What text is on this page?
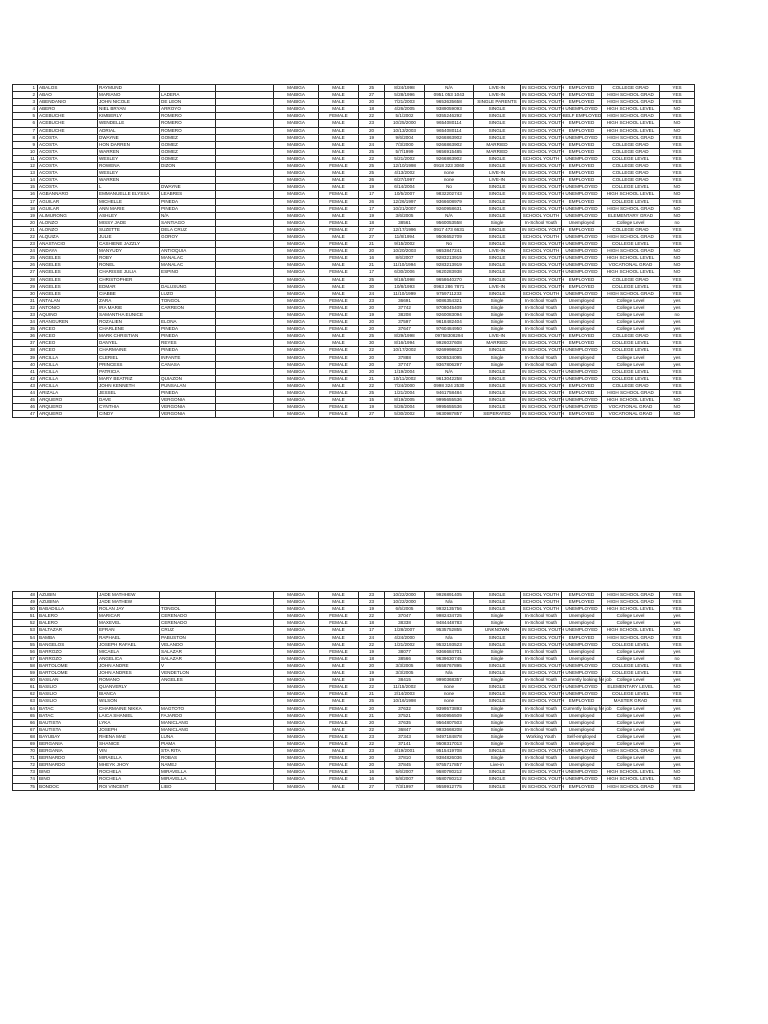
1	ABALOS	RAYMUND			MABIGA	MALE	25	8/24/1998	N/A	LIVE-IN	IN SCHOOL YOUTH	EMPLOYED	COLLEGE GRAD	YES
2	ABAO	MARIANO	LADERA		MABIGA	MALE	27	5/28/1996	0951 053 1043	LIVE-IN	IN SCHOOL YOUTH	EMPLOYED	HIGH SCHOOL GRAD	YES
3	ABENDANIO	JOHN NICOLE	DE LEON		MABIGA	MALE	20	7/21/2003	9653635658	SINGLE PARENTS	IN SCHOOL YOUTH	EMPLOYED	HIGH SCHOOL GRAD	YES
4	ABERO	NIEL BRYAN	ARROYO		MABIGA	MALE	18	4/26/2005	9389059093	SINGLE	IN SCHOOL YOUTH	UNEMPLOYED	HIGH SCHOOL LEVEL	NO
5	ACEBUCHE	KIMBERLY	ROMERO		MABIGA	FEMALE	22	5/1/2002	9355246292	SINGLE	IN SCHOOL YOUTH	SELF EMPLOYED	HIGH SCHOOL GRAD	YES
6	ACEBUCHE	WENDELLE	ROMERO		MABIGA	MALE	23	10/25/2000	9654080114	SINGLE	IN SCHOOL YOUTH	EMPLOYED	HIGH SCHOOL LEVEL	NO
7	ACEBUCHE	ADRIAL	ROMERO		MABIGA	MALE	20	10/13/2003	9654080114	SINGLE	IN SCHOOL YOUTH	EMPLOYED	HIGH SCHOOL LEVEL	NO
8	ACOSTA	DWAYNE	GOMEZ		MABIGA	MALE	19	9/6/2004	9266863902	SINGLE	IN SCHOOL YOUTH	UNEMPLOYED	HIGH SCHOOL GRAD	YES
9	ACOSTA	HON DARREN	GOMEZ		MABIGA	MALE	24	7/3/2000	9266863902	MARRIED	IN SCHOOL YOUTH	EMPLOYED	COLLEGE GRAD	YES
10	ACOSTA	WARREN	GOMEZ		MABIGA	MALE	25	5/7/1999	9656915485	MARRIED	IN SCHOOL YOUTH	EMPLOYED	COLLEGE GRAD	YES
11	ACOSTA	WESLEY	GOMEZ		MABIGA	MALE	22	5/21/2002	9266863902	SINGLE	SCHOOL YOUTH	UNEMPLOYED	COLLEGE LEVEL	YES
12	ACOSTA	ROWENA	DIZON		MABIGA	FEMALE	25	12/10/1998	0918 323 3060	SINGLE	IN SCHOOL YOUTH	EMPLOYED	COLLEGE GRAD	YES
13	ACOSTA	WESLEY			MABIGA	MALE	25	4/13/2002	none	LIVE-IN	IN SCHOOL YOUTH	EMPLOYED	COLLEGE GRAD	YES
14	ACOSTA	WARREN			MABIGA	MALE	26	6/27/1997	none	LIVE-IN	IN SCHOOL YOUTH	EMPLOYED	COLLEGE GRAD	YES
15	ACOSTA	L	DWAYNE		MABIGA	MALE	19	6/14/2004	No	SINGLE	IN SCHOOL YOUTH	UNEMPLOYED	COLLEGE LEVEL	NO
16	AGBANNARO	EMMANUELLE ELYSSA	LEABRES		MABIGA	FEMALE	17	10/5/2007	9832202743	SINGLE	IN SCHOOL YOUTH	UNEMPLOYED	HIGH SCHOOL LEVEL	NO
17	AGUILAR	MICHELLE	PINEDA		MABIGA	FEMALE	26	12/26/1997	9366608979	SINGLE	IN SCHOOL YOUTH	EMPLOYED	COLLEGE LEVEL	YES
18	AGUILAR	ANN MARIE	PINEDA		MABIGA	FEMALE	17	10/21/2007	9260958631	SINGLE	IN SCHOOL YOUTH	UNEMPLOYED	HIGH SCHOOL GRAD	NO
19	ALIMURONG	ASHLEY	N/A		MABIGA	MALE	19	3/6/2005	N/A	SINGLE	SCHOOL YOUTH	UNEMPLOYED	ELEMENTARY GRAD	NO
20	ALONZO	MISSY JADE	SANTIAGO		MABIGA	FEMALE	18	38561	9560053558	Single	In-School Youth	Unemployed	College Level	no
21	ALONZO	SUZETTE	DELA CRUZ		MABIGA	FEMALE	27	12/17/1996	0917 473 6631	SINGLE	IN SCHOOL YOUTH	EMPLOYED	COLLEGE GRAD	YES
22	ALQUIZA	JULIE	GOROY		MABIGA	MALE	27	11/8/1994	9506652709	SINGLE	SCHOOL YOUTH	UNEMPLOYED	HIGH SCHOOL GRAD	YES
23	ANASTACIO	CASHIENE JAZZLY			MABIGA	FEMALE	21	9/15/2002	No	SINGLE	IN SCHOOL YOUTH	UNEMPLOYED	COLLEGE LEVEL	YES
24	ANDAYA	MANYUDY	ANTIOQUIA		MABIGA	FEMALE	20	10/20/2003	9653847241	LIVE-IN	SCHOOL YOUTH	UNEMPLOYED	HIGH SCHOOL GRAD	NO
25	ANGELES	ROBY	MANALAC		MABIGA	FEMALE	16	8/6/2007	9283213919	SINGLE	IN SCHOOL YOUTH	UNEMPLOYED	HIGH SCHOOL LEVEL	NO
26	ANGELES	RONEL	MANALAC		MABIGA	MALE	21	11/10/1994	9283213919	SINGLE	IN SCHOOL YOUTH	UNEMPLOYED	VOCATIONAL GRAD	NO
27	ANGELES	CHARISSE JULIA	ESPINO		MABIGA	FEMALE	17	6/30/2006	9620283938	SINGLE	IN SCHOOL YOUTH	UNEMPLOYED	HIGH SCHOOL LEVEL	NO
28	ANGELES	CHRISTOPHER			MABIGA	MALE	25	9/18/1998	9658640270	SINGLE	IN SCHOOL YOUTH	EMPLOYED	COLLEGE GRAD	YES
29	ANGELES	EDMAR	DALUSUNG		MABIGA	MALE	30	10/8/1993	0963 286 7871	LIVE-IN	IN SCHOOL YOUTH	EMPLOYED	COLLEGE LEVEL	YES
30	ANGELES	CIABBE	LUZO		MABIGA	MALE	24	11/10/1999	9759711233	SINGLE	SCHOOL YOUTH	UNEMPLOYED	HIGH SCHOOL GRAD	YES
31	ANTALAN	ZARA	TONGOL		MABIGA	FEMALE	23	36691	9086354321	Single	In-School Youth	Unemployed	College Level	yes
32	ANTONIO	IRA MARIE	CARREON		MABIGA	FEMALE	20	37742	9708045409	Single	In-School Youth	Unemployed	College Level	yes
33	AQUINO	SAMANTHA EUNICE			MABIGA	FEMALE	19	38208	9260083094	Single	In-School Youth	Unemployed	College Level	no
34	ARANGUREN	ROZALIEN	ELONA		MABIGA	FEMALE	20	37597	9618482404	Single	In-School Youth	Unemployed	College Level	yes
35	ARCEO	CHARLENE	PINEDA		MABIGA	FEMALE	20	37647	9760484950	Single	In-School Youth	Unemployed	College Level	yes
36	ARCEO	MARK CHRISTIAN	PINEDA		MABIGA	MALE	25	8/29/1998	09758308294	LIVE-IN	IN SCHOOL YOUTH	EMPLOYED	COLLEGE GRAD	YES
37	ARCEO	DANYEL	REYES		MABIGA	MALE	30	8/16/1994	9926037608	MARRIED	IN SCHOOL YOUTH	EMPLOYED	COLLEGE LEVEL	YES
38	ARCEO	CHARMAINE	PINEDA		MABIGA	FEMALE	22	10/17/2002	9269998623	SINGLE	IN SCHOOL YOUTH	UNEMPLOYED	COLLEGE LEVEL	YES
39	ARCILLA	CLERIEL	INFANTE		MABIGA	FEMALE	20	37888	9208534095	Single	In-School Youth	Unemployed	College Level	yes
40	ARCILLA	PRINCESS	CANASA		MABIGA	FEMALE	20	37747	9367806297	Single	In-School Youth	Unemployed	College Level	yes
41	ARCILLA	PATRICIA			MABIGA	FEMALE	20	1/19/2004	N/A	SINGLE	IN SCHOOL YOUTH	UNEMPLOYED	COLLEGE LEVEL	YES
42	ARCILLA	MARY BEATRIZ	QUIAZON		MABIGA	FEMALE	21	10/11/2002	9613042258	SINGLE	IN SCHOOL YOUTH	UNEMPLOYED	COLLEGE LEVEL	YES
43	ARCILLA	JOHN KENNETH	PUNSALAN		MABIGA	MALE	22	7/24/2000	0998 324 2530	SINGLE	IN SCHOOL YOUTH	EMPLOYED	COLLEGE GRAD	YES
44	ARIZALA	JESSEL	PINEDA		MABIGA	FEMALE	25	1/21/2004	9461758484	SINGLE	IN SCHOOL YOUTH	EMPLOYED	HIGH SCHOOL GRAD	YES
45	ARQUERO	DAVE	VERGONIA		MABIGA	MALE	15	8/19/2005	9995655536	SINGLE	IN SCHOOL YOUTH	UNEMPLOYED	HIGH SCHOOL LEVEL	NO
46	ARQUERO	CYNTHIA	VERGONIA		MABIGA	FEMALE	19	5/26/2004	9995655536	SINGLE	IN SCHOOL YOUTH	UNEMPLOYED	VOCATIONAL GRAD	NO
47	ARQUERO	CINDY	VERGONIA		MABIGA	FEMALE	27	5/30/2002	9630987857	SEPERATED	IN SCHOOL YOUTH	EMPLOYED	VOCATIONAL GRAD	NO
48	AZUBIN	JADE MATHHEW			MABIGA	MALE	23	10/22/2000	9926891405	SINGLE	SCHOOL YOUTH	EMPLOYED	HIGH SCHOOL GRAD	YES
49	AZUBINA	JADE MATHEW			MABIGA	MALE	23	10/22/2000	N/a	SINGLE	SCHOOL YOUTH	EMPLOYED	HIGH SCHOOL GRAD	YES
50	BABADILLA	ROLAN JAY	TONGOL		MABIGA	MALE	19	6/5/2005	9932135756	SINGLE	SCHOOL YOUTH	UNEMPLOYED	HIGH SCHOOL LEVEL	YES
51	BALERO	MARICAR	CERENADO		MABIGA	FEMALE	22	37047	9982434725	Single	In-School Youth	Unemployed	College Level	yes
52	BALERO	MAXEVEL	CERENADO		MABIGA	FEMALE	18	38338	9484448783	Single	In-School Youth	Unemployed	College Level	yes
53	BALTAZAR	EFRAN	CRUZ		MABIGA	MALE	17	1/28/2007	9535752855	UNKNOWN	IN SCHOOL YOUTH	UNEMPLOYED	HIGH SCHOOL LEVEL	NO
54	BAMBA	RAPHAEL	PABUSTON		MABIGA	MALE	24	4/24/2000	N/a	SINGLE	IN SCHOOL YOUTH	EMPLOYED	HIGH SCHOOL GRAD	YES
55	BANGELOS	JOSEPH RAFAEL	VELANDO		MABIGA	MALE	22	1/21/2002	9532193523	SINGLE	IN SCHOOL YOUTH	UNEMPLOYED	COLLEGE LEVEL	YES
56	BARROZO	MICAELA	SALAZAR		MABIGA	FEMALE	19	38077	9366684701	Single	In-School Youth	Unemployed	College Level	yes
57	BARROZO	ANGELICA	SALAZAR		MABIGA	FEMALE	18	38566	9639630745	Single	In-School Youth	Unemployed	College Level	no
58	BARTOLOME	JOHN ANDRE	V		MABIGA	MALE	20	3/3/2005	9558767895	SINGLE	IN SCHOOL YOUTH	UNEMPLOYED	COLLEGE LEVEL	YES
59	BARTOLOME	JOHN ANDRES	VENDETLON		MABIGA	MALE	19	3/3/2005	N/a	SINGLE	IN SCHOOL YOUTH	UNEMPLOYED	COLLEGE LEVEL	YES
60	BASILAN	ROMANO	ANGELES		MABIGA	MALE	19	38415	9990368357	Single	In-School Youth	Currently looking for job	College Level	yes
61	BASILIO	QUANVERLY			MABIGA	FEMALE	22	11/15/2002	none	SINGLE	IN SCHOOL YOUTH	UNEMPLOYED	ELEMENTARY LEVEL	NO
62	BASILIO	BIANCA			MABIGA	FEMALE	21	2/14/2003	none	SINGLE	IN SCHOOL YOUTH	UNEMPLOYED	COLLEGE LEVEL	YES
63	BASILIO	WILSON			MABIGA	MALE	25	10/16/1998	none	SINGLE	IN SCHOOL YOUTH	EMPLOYED	MASTER GRAD	YES
64	BATAC	CHARMAINE NIKKA	MAGTOTO		MABIGA	FEMALE	20	37632	9399573893	Single	In-School Youth	Currently looking for job	College Level	yes
65	BATAC	LAICA SHANIEL	FAJARDO		MABIGA	FEMALE	21	37521	9560956509	Single	In-School Youth	Unemployed	College Level	yes
66	BAUTISTA	LYKA	MANICLANG		MABIGA	FEMALE	20	37635	9564807503	Single	In-School Youth	Unemployed	College Level	yes
67	BAUTISTA	JOSEPH	MANICLANG		MABIGA	MALE	22	36847	9933668208	Single	In-School Youth	Unemployed	College Level	yes
68	BAYUBAY	RHENA MAE	LUNA		MABIGA	FEMALE	23	37343	9497184878	Single	Working Youth	Self-employed	College Level	yes
69	BERGANIA	SHANICE	PIAMA		MABIGA	FEMALE	22	37141	9508317013	Single	In-School Youth	Unemployed	College Level	yes
70	BERGANIA	VIN	STA RITA		MABIGA	MALE	23	4/19/2001	9515419708	SINGLE	IN SCHOOL YOUTH	UNEMPLOYED	HIGH SCHOOL GRAD	YES
71	BERNARDO	MIRAELLA	ROBAS		MABIGA	FEMALE	20	37810	9384826036	Single	In-School Youth	Unemployed	College Level	yes
72	BERNARDO	MHEYK JHOY	NAMEJ		MABIGA	FEMALE	20	37845	9755717857	Live-in	In-School Youth	Unemployed	College Level	yes
73	BINO	ROCHELA	MIRAVELLA		MABIGA	FEMALE	16	5/6/2007	9580780212	SINGLE	IN SCHOOL YOUTH	UNEMPLOYED	HIGH SCHOOL LEVEL	NO
74	BINO	ROCHELA	MIRAVELLA		MABIGA	FEMALE	16	5/8/2007	9580780212	SINGLE	IN SCHOOL YOUTH	UNEMPLOYED	HIGH SCHOOL LEVEL	NO
75	BONDOC	ROI VINCENT	LIBO		MABIGA	MALE	27	7/3/1997	9559912775	SINGLE	IN SCHOOL YOUTH	EMPLOYED	HIGH SCHOOL GRAD	YES
